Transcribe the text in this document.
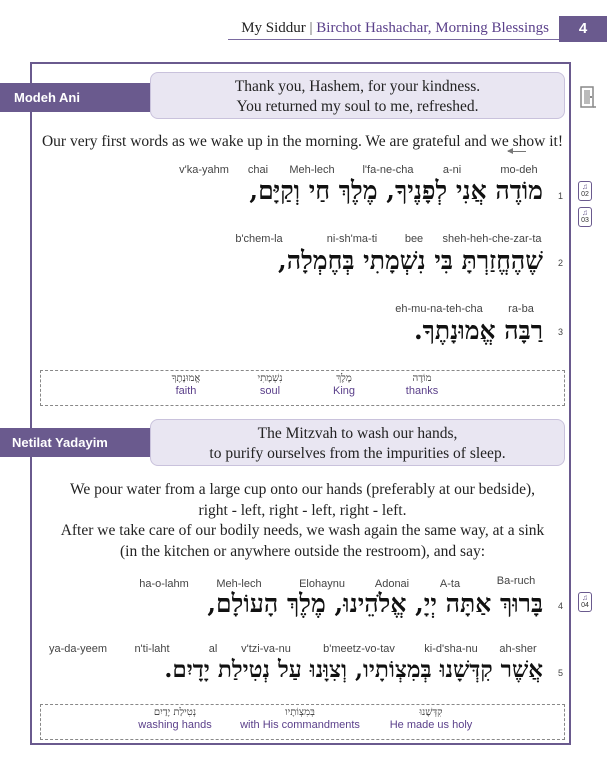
My Siddur | Birchot Hashachar, Morning Blessings	4
Thank you, Hashem, for your kindness.
You returned my soul to me, refreshed.
Modeh Ani
Our very first words as we wake up in the morning. We are grateful and we show it!
mo-deh
a-ni
l'fa-ne-cha
Meh-lech
chai
v'ka-yahm
מוֹדֶה אֲנִי לְפָנֶיךָ, מֶלֶךְ חַי וְקַיָּם, 1
♫
02
♫
03
sheh-heh-che-zar-ta
bee
ni-sh'ma-ti
b'chem-la
שֶׁהֶחֱזַרְתָּ בִּי נִשְׁמָתִי בְּחֶמְלָה, 2
ra-ba
eh-mu-na-teh-cha
רַבָּה אֱמוּנָתֶךָ. 3
מוֹדֶה
thanks
מֶלֶךְ
King
נִשְׁמָתִי
soul
אֱמוּנָתֶךָ
faith
The Mitzvah to wash our hands,
to purify ourselves from the impurities of sleep.
Netilat Yadayim
We pour water from a large cup onto our hands (preferably at our bedside),
right - left, right - left, right - left.
After we take care of our bodily needs, we wash again the same way, at a sink
(in the kitchen or anywhere outside the restroom), and say:
Ba-ruch
A-ta
Adonai
Elohaynu
Meh-lech
ha-o-lahm
בָּרוּךְ אַתָּה יְיָ, אֱלֹהֵינוּ, מֶלֶךְ הָעוֹלָם, 4
♫
04
ah-sher
ki-d'sha-nu
b'meetz-vo-tav
v'tzi-va-nu
al
n'ti-laht
ya-da-yeem
אֲשֶׁר קִדְּשָׁנוּ בְּמִצְוֹתָיו, וְצִוָּנוּ עַל נְטִילַת יָדָיִם. 5
קִדְּשָׁנוּ
He made us holy
בְּמִצְוֹתָיו
with His commandments
נְטִילַת יָדַיִם
washing hands
